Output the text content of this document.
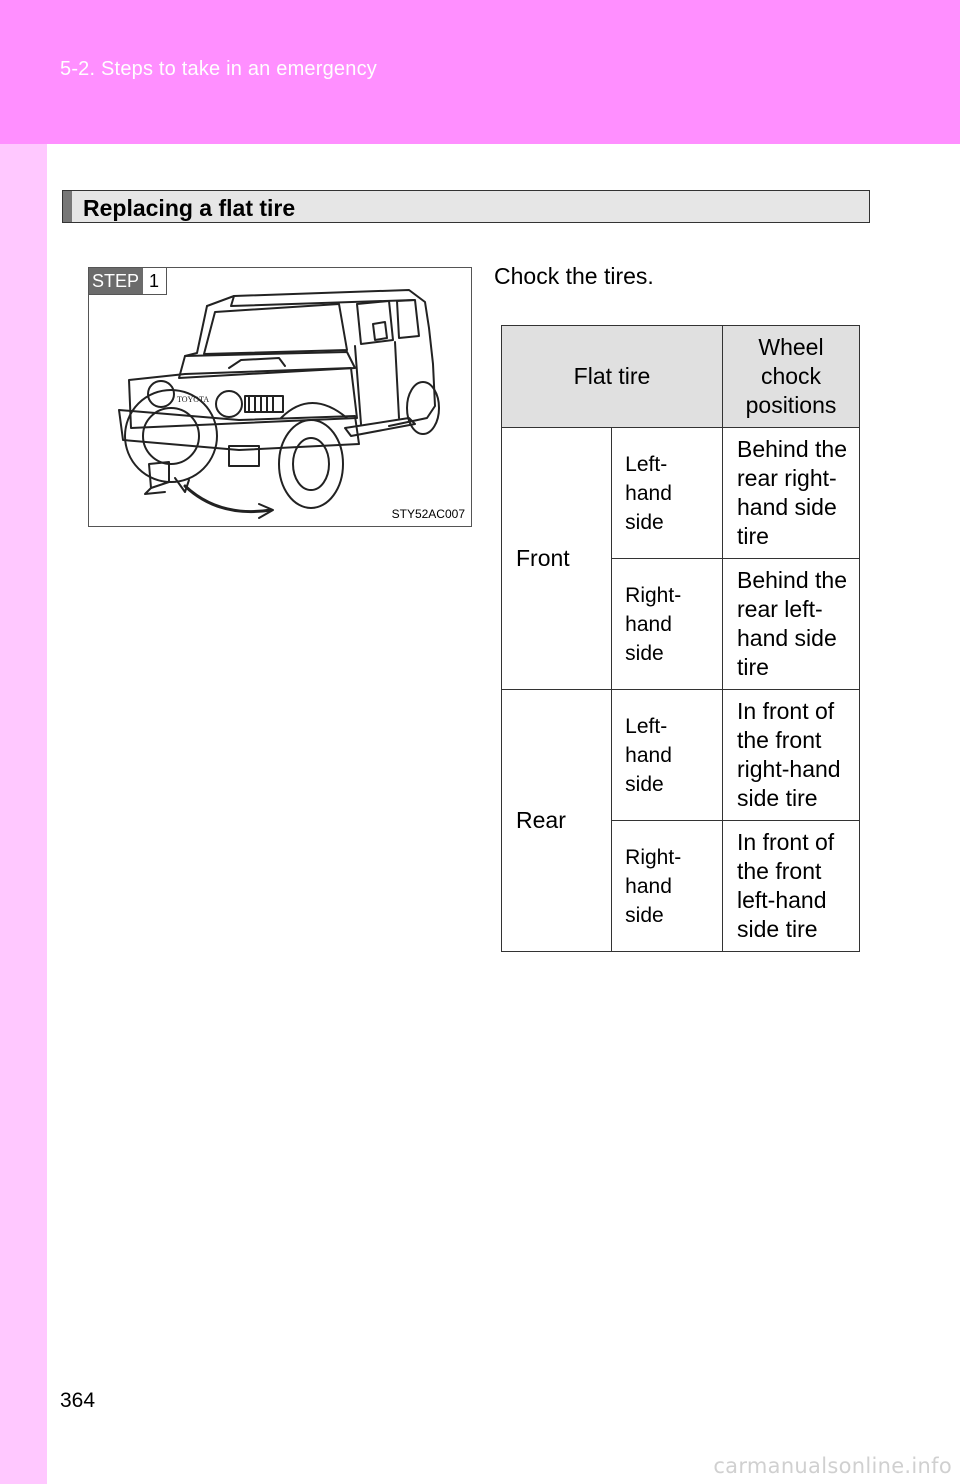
5-2. Steps to take in an emergency
Replacing a flat tire
STEP 1
TOYOTA
STY52AC007
Chock the tires.
Flat tire		Wheel chock positions

Front	Left-hand side	Behind the rear right-hand side tire

	Right-hand side	Behind the rear left-hand side tire

Rear	Left-hand side	In front of the front right-hand side tire

	Right-hand side	In front of the front left-hand side tire
364
carmanualsonline.info
